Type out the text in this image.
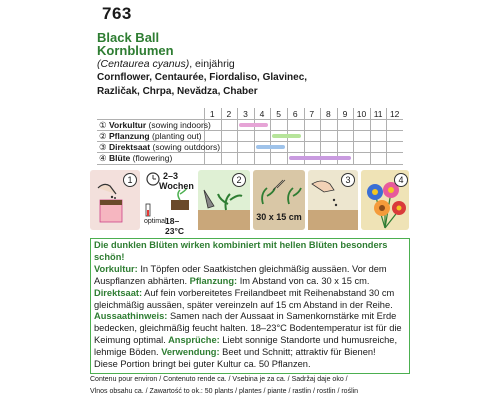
763
Black Ball
Kornblumen
(Centaurea cyanus), einjährig
Cornflower, Centaurée, Fiordaliso, Glavinec,
Različak, Chrpa, Nevădza, Chaber
1	2	3	4	5	6	7	8	9	10 11 12
① Vorkultur (sowing indoors)
② Pflanzung (planting out)
③ Direktsaat (sowing outdoors)
④ Blüte (flowering)
1	2–3
Wochen
optimal:
18–23°C
2
30 x 15 cm
3	4
Die dunklen Blüten wirken kombiniert mit hellen Blüten besonders schön!
Vorkultur: In Töpfen oder Saatkistchen gleichmäßig aussäen. Vor dem Auspflanzen abhärten. Pflanzung: Im Abstand von ca. 30 x 15 cm.
Direktsaat: Auf fein vorbereitetes Freilandbeet mit Reihenabstand 30 cm gleichmäßig aussäen, später vereinzeln auf 15 cm Abstand in der Reihe.
Aussaathinweis: Samen nach der Aussaat in Samenkornstärke mit Erde bedecken, gleichmäßig feucht halten. 18–23°C Bodentemperatur ist für die Keimung optimal. Ansprüche: Liebt sonnige Standorte und humusreiche, lehmige Böden. Verwendung: Beet und Schnitt; attraktiv für Bienen!
Diese Portion bringt bei guter Kultur ca. 50 Pflanzen.
Contenu pour environ / Contenuto rende ca. / Vsebina je za ca. / Sadržaj daje oko /
Vlnos obsahu ca. / Zawartość to ok.: 50 plants / plantes / piante / rastlin / rostlin / roślin
